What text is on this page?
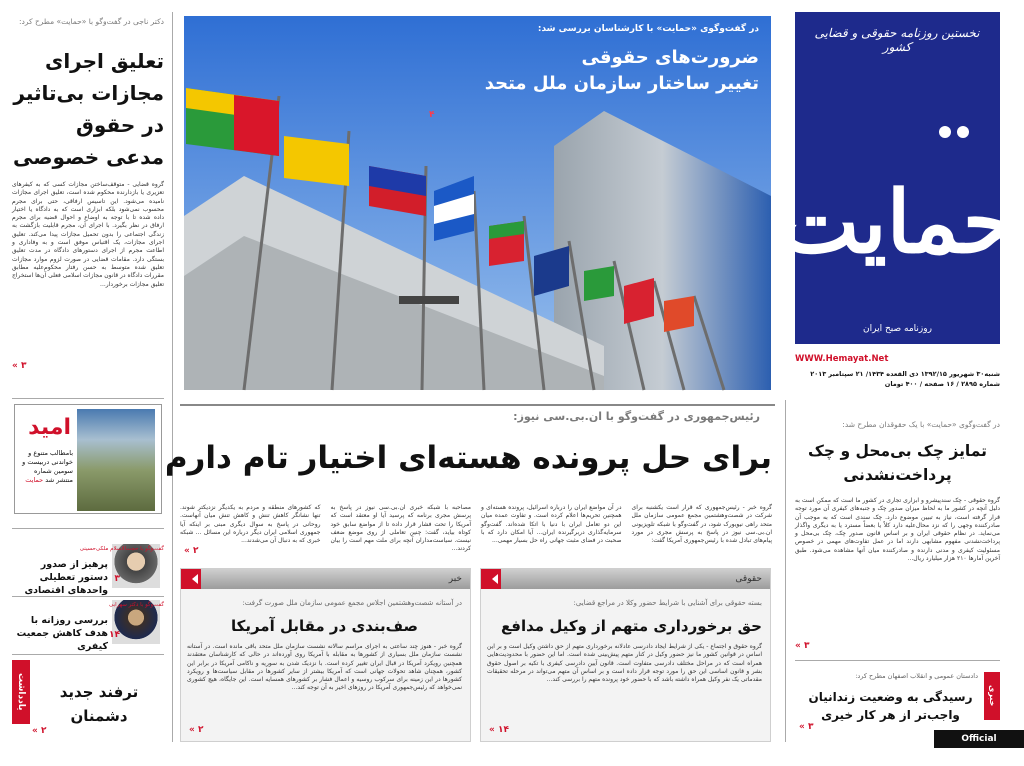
دکتر ناجی در گفت‌وگو با «حمایت» مطرح کرد:
تعلیق اجرای مجازات بی‌تاثیر در حقوق مدعی خصوصی
گروه قضایی - متوقف‌ساختن مجازات کسی که به کیفرهای تعزیری یا بازدارنده محکوم شده است، تعلیق اجرای مجازات نامیده می‌شود. این تاسیس ارفاقی، حتی برای مجرم محسوب نمی‌شود بلکه ابزاری است که به دادگاه یا اختیار داده شده تا با توجه به اوضاع و احوال قضیه برای مجرم ارفاق در نظر بگیرد. با اجرای آن، مجرم قابلیت بازگشت به زندگی اجتماعی را بدون تحمیل مجازات پیدا می‌کند. تعلیق اجرای مجازات، یک اقتباس موفق است و به وفاداری و اطاعت مجرم از اجرای دستورهای دادگاه در مدت تعلیق بستگی دارد. مقامات قضایی در صورت لزوم موارد مجازات تعلیق شده متوسط به حسن رفتار محکوم‌علیه مطابق مقررات دادگاه در قانون مجازات اسلامی فعلی آن‌ها استخراج تعلیق مجازات برخوردار...
۳ »
امید
بامطالب متنوع و خواندنی دربیست و سومین شماره منتشر شد حمایت
گفت‌وگو با حجت‌الاسلام ملکی‌حسینی
پرهیز از صدور دستور تعطیلی واحدهای اقتصادی
۳
گفت‌وگو با دکتر سهرابی
بررسی روزانه با هدف کاهش جمعیت کیفری
۱۴
یادداشت	ترفند جدید دشمنان
۲ »
در گفت‌وگوی «حمایت» با کارشناسان بررسی شد:
ضرورت‌های حقوقی
تغییر ساختار سازمان ملل متحد
۴
نخستین روزنامه حقوقی و قضایی کشور
حمایت
روزنامه صبح ایران
WWW.Hemayat.Net
شنبه۳۰ شهریور ۱۳۹۲/۱۵ ذی القعده ۱۴۳۴/ ۲۱ سپتامبر ۲۰۱۳
شماره ۲۸۹۵ / ۱۶ صفحه / ۴۰۰ تومان
رئیس‌جمهوری در گفت‌وگو با ان.بی.سی نیوز:
برای حل پرونده هسته‌ای اختیار تام دارم
گروه خبر - رئیس‌جمهوری که قرار است یکشنبه برای شرکت در شصت‌وهشتمین مجمع عمومی سازمان ملل متحد راهی نیویورک شود، در گفت‌وگو با شبکه تلویزیونی ان.بی.سی نیوز در پاسخ به پرسش مجری در مورد پیام‌های تبادل شده با رئیس‌جمهوری آمریکا گفت:
در آن مواضع ایران را درباره اسرائیل، پرونده هسته‌ای و همچنین تحریم‌ها اعلام کرده است. و تفاوت عمده میان این دو تعامل ایران با دنیا با اتکا شده‌اند. گفت‌وگو سرمایه‌گذاری دربرگیرنده ایران... آیا امکان دارد که با صحبت در فضای مثبت جهانی راه حل بسیار مهمی...
مصاحبه با شبکه خبری ان.بی.سی نیوز در پاسخ به پرسش مجری برنامه که پرسید آیا او معتقد است که آمریکا را تحت فشار قرار داده تا از مواضع سابق خود کوتاه بیاید، گفت: چنین تعاملی از روی موضع ضعف نیست. سیاست‌مداران آنچه برای ملت مهم است را بیان کردند...
که کشورهای منطقه و مردم به یکدیگر نزدیکتر شوند. تنها نشانگر کاهش تنش و کاهش تنش میان آنهاست. روحانی در پاسخ به سوال دیگری مبنی بر اینکه آیا جمهوری اسلامی ایران دیگر درباره این مسائل ... شبکه خبری که به دنبال آن می‌شدند...
۲ »
حقوقی
بسته حقوقی برای آشنایی با شرایط حضور وکلا در مراجع قضایی:
حق برخورداری متهم از وکیل مدافع
گروه حقوق و اجتماع - یکی از شرایط ایجاد دادرسی عادلانه برخورداری متهم از حق داشتن وکیل است و بر این اساس در قوانین کشور ما نیز حضور وکیل در کنار متهم پیش‌بینی شده است. اما این حضور با محدودیت‌هایی همراه است که در مراحل مختلف دادرسی متفاوت است. قانون آیین دادرسی کیفری با تکیه بر اصول حقوق بشر و قانون اساسی این حق را مورد توجه قرار داده است و بر اساس آن متهم می‌تواند در مرحله تحقیقات مقدماتی یک نفر وکیل همراه داشته باشد که با حضور خود پرونده متهم را بررسی کند...
۱۴ »
خبر
در آستانه شصت‌وهشتمین اجلاس مجمع عمومی سازمان ملل صورت گرفت:
صف‌بندی در مقابل آمریکا
گروه خبر - هنوز چند ساعتی به اجرای مراسم سالانه نشست سازمان ملل متحد باقی مانده است. در آستانه نشست سازمان ملل بسیاری از کشورها به مقابله با آمریکا روی آورده‌اند در حالی که کارشناسان معتقدند همچنین رویکرد آمریکا در قبال ایران تغییر کرده است. با نزدیک شدن به سوریه و ناکامی آمریکا در برابر این کشور، همچنان شاهد تحولات جهانی است که آمریکا بیشتر از سایر کشورها در مقابل سیاست‌ها و رویکرد کشورها در این زمینه برای سرکوب روسیه و اعمال فشار بر کشورهای همسایه است. این جایگاه، هیچ کشوری نمی‌خواهد که رئیس‌جمهوری آمریکا در روزهای اخیر به آن توجه کند...
۲ »
در گفت‌وگوی «حمایت» با یک حقوقدان مطرح شد:
تمایز چک بی‌محل و چک پرداخت‌نشدنی
گروه حقوقی - چک سند‌پیشرو و ابزاری تجاری در کشور ما است که ممکن است به دلیل آنچه در کشور ما به لحاظ میزان صدور چک و جنبه‌های کیفری آن مورد توجه قرار گرفته است، نیاز به تبیین موضوع دارد. چک سندی است که به موجب آن صادرکننده وجهی را که نزد محال‌علیه دارد کلاً یا بعضاً مسترد یا به دیگری واگذار می‌نماید. در نظام حقوقی ایران و بر اساس قانون صدور چک، چک بی‌محل و پرداخت‌نشدنی مفهوم مشابهی دارند اما در عمل تفاوت‌های مهمی در خصوص مسئولیت کیفری و مدنی دارنده و صادرکننده میان آنها مشاهده می‌شود. طبق آخرین آمارها ۲۱۰ هزار میلیارد ریال...
۳ »
خبری
دادستان عمومی و انقلاب اصفهان مطرح کرد:
رسیدگی به وضعیت زندانیان واجب‌تر از هر کار خیری
۳ »
Official publication
